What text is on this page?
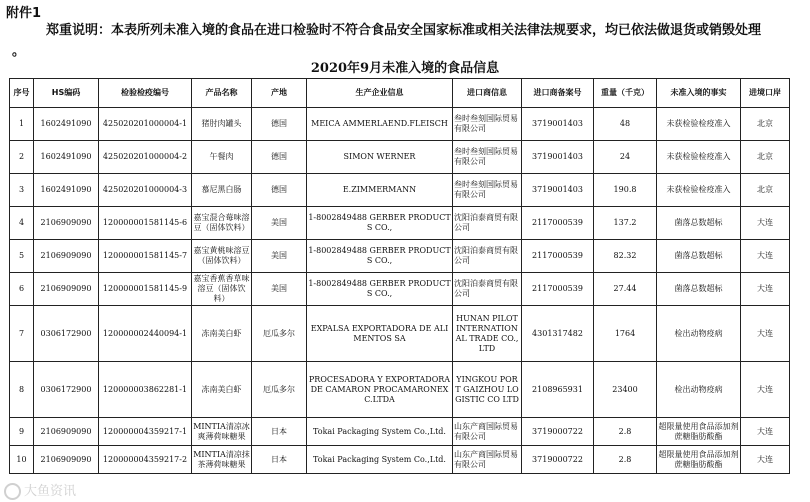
附件1
郑重说明：本表所列未准入境的食品在进口检验时不符合食品安全国家标准或相关法律法规要求，均已依法做退货或销毁处理
。
2020年9月未准入境的食品信息
序号	HS编码	检验检疫编号	产品名称	产地	生产企业信息	进口商信息	进口商备案号	重量（千克）	未准入境的事实	进境口岸
1	1602491090	425020201000004-1	猪肘肉罐头	德国	MEICA AMMERLAEND.FLEISCH	叁时叁刻国际贸易有限公司	3719001403	48	未获检验检疫准入	北京
2	1602491090	425020201000004-2	午餐肉	德国	SIMON WERNER	叁时叁刻国际贸易有限公司	3719001403	24	未获检验检疫准入	北京
3	1602491090	425020201000004-3	慕尼黑白肠	德国	E.ZIMMERMANN	叁时叁刻国际贸易有限公司	3719001403	190.8	未获检验检疫准入	北京
4	2106909090	120000001581145-6	嘉宝混合莓味溶豆（固体饮料）	美国	1-8002849488 GERBER PRODUCTS CO.,	沈阳泊泰商贸有限公司	2117000539	137.2	菌落总数超标	大连
5	2106909090	120000001581145-7	嘉宝黄桃味溶豆（固体饮料）	美国	1-8002849488 GERBER PRODUCTS CO.,	沈阳泊泰商贸有限公司	2117000539	82.32	菌落总数超标	大连
6	2106909090	120000001581145-9	嘉宝香蕉香草味溶豆（固体饮料）	美国	1-8002849488 GERBER PRODUCTS CO.,	沈阳泊泰商贸有限公司	2117000539	27.44	菌落总数超标	大连
7	0306172900	120000002440094-1	冻南美白虾	厄瓜多尔	EXPALSA EXPORTADORA DE ALIMENTOS SA	HUNAN PILOT INTERNATIONAL TRADE CO.,LTD	4301317482	1764	检出动物疫病	大连
8	0306172900	120000003862281-1	冻南美白虾	厄瓜多尔	PROCESADORA Y EXPORTADORA DE CAMARON PROCAMARONEX C.LTDA	YINGKOU PORT GAIZHOU LOGISTIC CO LTD	2108965931	23400	检出动物疫病	大连
9	2106909090	120000004359217-1	MINTIA清凉冰爽薄荷味糖果	日本	Tokai Packaging System Co.,Ltd.	山东产商国际贸易有限公司	3719000722	2.8	超限量使用食品添加剂蔗糖脂肪酸酯	大连
10	2106909090	120000004359217-2	MINTIA清凉抹茶薄荷味糖果	日本	Tokai Packaging System Co.,Ltd.	山东产商国际贸易有限公司	3719000722	2.8	超限量使用食品添加剂蔗糖脂肪酸酯	大连
大鱼资讯
